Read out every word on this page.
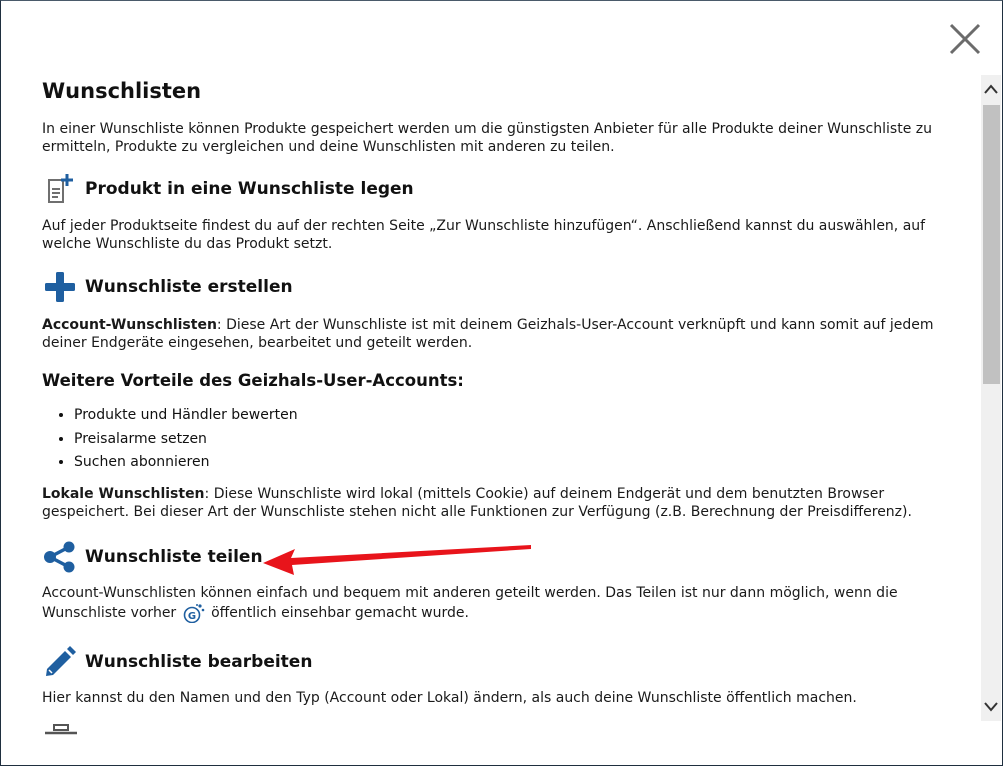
Wunschlisten

In einer Wunschliste können Produkte gespeichert werden um die günstigsten Anbieter für alle Produkte deiner Wunschliste zu ermitteln, Produkte zu vergleichen und deine Wunschlisten mit anderen zu teilen.

Produkt in eine Wunschliste legen

Auf jeder Produktseite findest du auf der rechten Seite „Zur Wunschliste hinzufügen“. Anschließend kannst du auswählen, auf welche Wunschliste du das Produkt setzt.

Wunschliste erstellen

Account-Wunschlisten: Diese Art der Wunschliste ist mit deinem Geizhals-User-Account verknüpft und kann somit auf jedem deiner Endgeräte eingesehen, bearbeitet und geteilt werden.

Weitere Vorteile des Geizhals-User-Accounts:
• Produkte und Händler bewerten
• Preisalarme setzen
• Suchen abonnieren

Lokale Wunschlisten: Diese Wunschliste wird lokal (mittels Cookie) auf deinem Endgerät und dem benutzten Browser gespeichert. Bei dieser Art der Wunschliste stehen nicht alle Funktionen zur Verfügung (z.B. Berechnung der Preisdifferenz).

Wunschliste teilen

Account-Wunschlisten können einfach und bequem mit anderen geteilt werden. Das Teilen ist nur dann möglich, wenn die Wunschliste vorher G öffentlich einsehbar gemacht wurde.

Wunschliste bearbeiten

Hier kannst du den Namen und den Typ (Account oder Lokal) ändern, als auch deine Wunschliste öffentlich machen.
